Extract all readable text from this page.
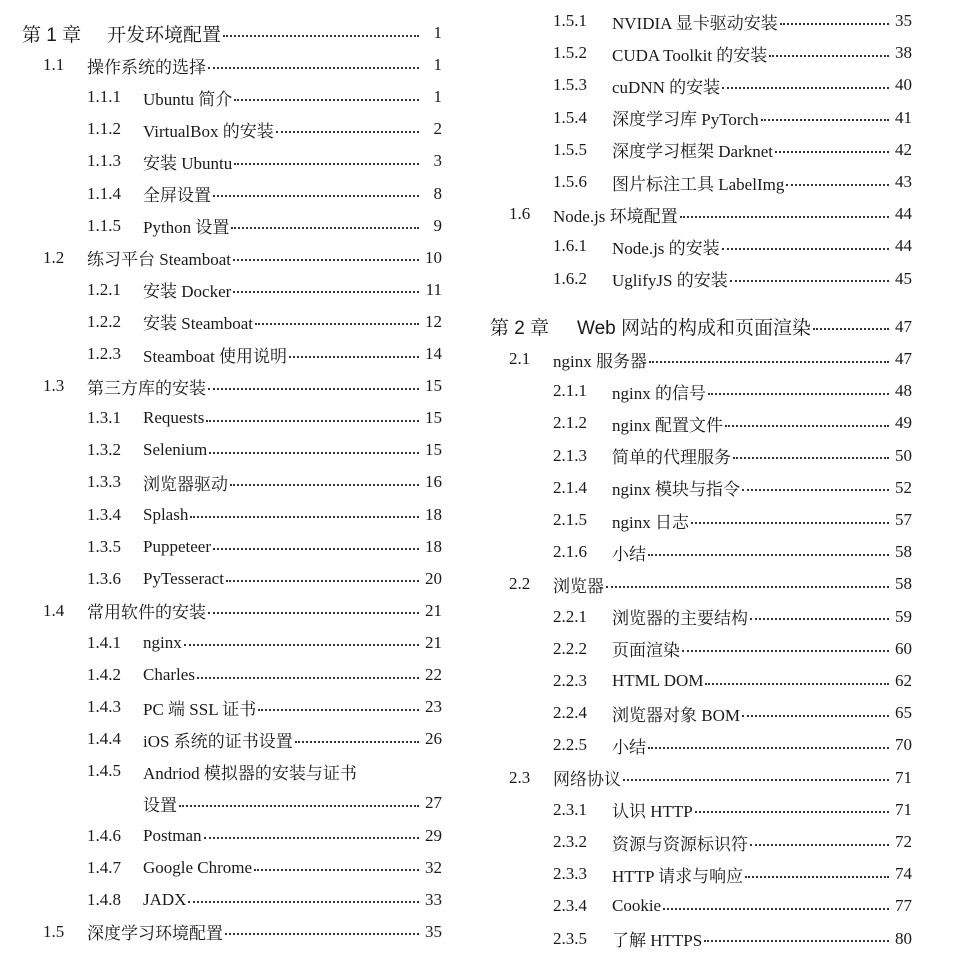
第 1 章	开发环境配置	1
1.1	操作系统的选择	1
1.1.1	Ubuntu 简介	1
1.1.2	VirtualBox 的安装	2
1.1.3	安装 Ubuntu	3
1.1.4	全屏设置	8
1.1.5	Python 设置	9
1.2	练习平台 Steamboat	10
1.2.1	安装 Docker	11
1.2.2	安装 Steamboat	12
1.2.3	Steamboat 使用说明	14
1.3	第三方库的安装	15
1.3.1	Requests	15
1.3.2	Selenium	15
1.3.3	浏览器驱动	16
1.3.4	Splash	18
1.3.5	Puppeteer	18
1.3.6	PyTesseract	20
1.4	常用软件的安装	21
1.4.1	nginx	21
1.4.2	Charles	22
1.4.3	PC 端 SSL 证书	23
1.4.4	iOS 系统的证书设置	26
1.4.5	Andriod 模拟器的安装与证书
设置	27
1.4.6	Postman	29
1.4.7	Google Chrome	32
1.4.8	JADX	33
1.5	深度学习环境配置	35
1.5.1	NVIDIA 显卡驱动安装	35
1.5.2	CUDA Toolkit 的安装	38
1.5.3	cuDNN 的安装	40
1.5.4	深度学习库 PyTorch	41
1.5.5	深度学习框架 Darknet	42
1.5.6	图片标注工具 LabelImg	43
1.6	Node.js 环境配置	44
1.6.1	Node.js 的安装	44
1.6.2	UglifyJS 的安装	45
第 2 章	Web 网站的构成和页面渲染	47
2.1	nginx 服务器	47
2.1.1	nginx 的信号	48
2.1.2	nginx 配置文件	49
2.1.3	简单的代理服务	50
2.1.4	nginx 模块与指令	52
2.1.5	nginx 日志	57
2.1.6	小结	58
2.2	浏览器	58
2.2.1	浏览器的主要结构	59
2.2.2	页面渲染	60
2.2.3	HTML DOM	62
2.2.4	浏览器对象 BOM	65
2.2.5	小结	70
2.3	网络协议	71
2.3.1	认识 HTTP	71
2.3.2	资源与资源标识符	72
2.3.3	HTTP 请求与响应	74
2.3.4	Cookie	77
2.3.5	了解 HTTPS	80
